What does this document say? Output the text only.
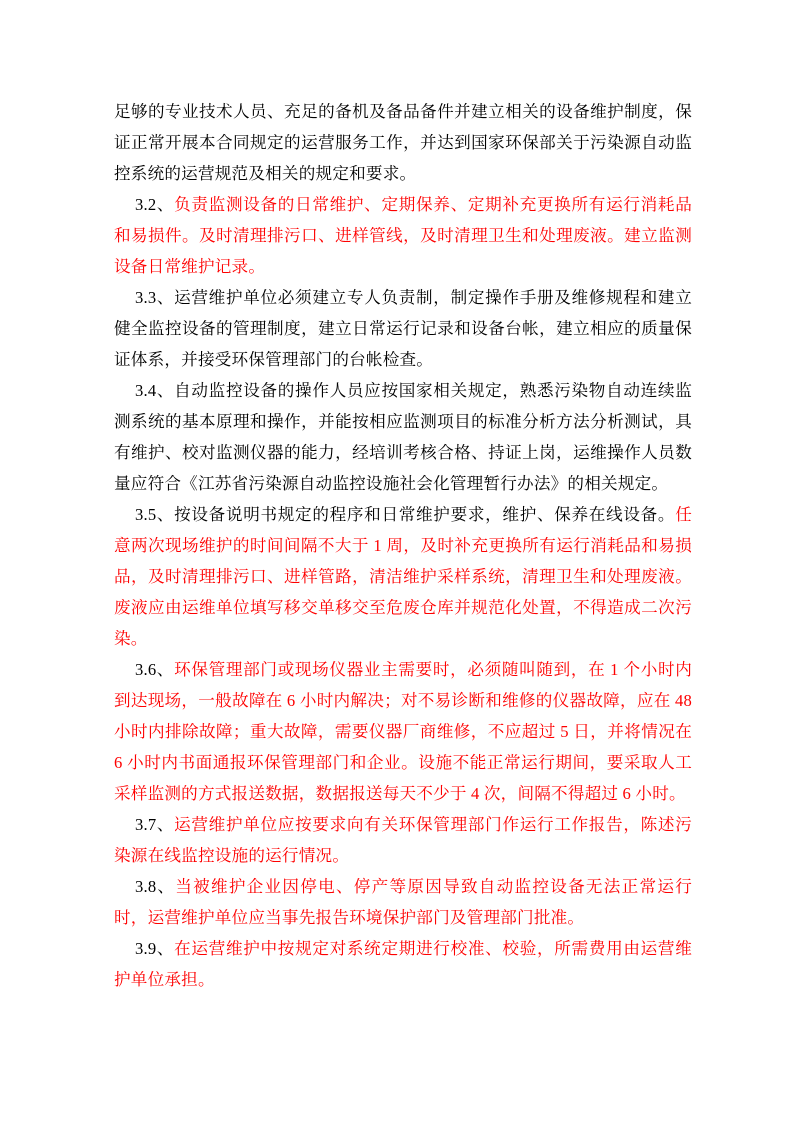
足够的专业技术人员、充足的备机及备品备件并建立相关的设备维护制度，保证正常开展本合同规定的运营服务工作，并达到国家环保部关于污染源自动监控系统的运营规范及相关的规定和要求。

3.2、负责监测设备的日常维护、定期保养、定期补充更换所有运行消耗品和易损件。及时清理排污口、进样管线，及时清理卫生和处理废液。建立监测设备日常维护记录。

3.3、运营维护单位必须建立专人负责制，制定操作手册及维修规程和建立健全监控设备的管理制度，建立日常运行记录和设备台帐，建立相应的质量保证体系，并接受环保管理部门的台帐检查。

3.4、自动监控设备的操作人员应按国家相关规定，熟悉污染物自动连续监测系统的基本原理和操作，并能按相应监测项目的标准分析方法分析测试，具有维护、校对监测仪器的能力，经培训考核合格、持证上岗，运维操作人员数量应符合《江苏省污染源自动监控设施社会化管理暂行办法》的相关规定。

3.5、按设备说明书规定的程序和日常维护要求，维护、保养在线设备。任意两次现场维护的时间间隔不大于 1 周，及时补充更换所有运行消耗品和易损品，及时清理排污口、进样管路，清洁维护采样系统，清理卫生和处理废液。废液应由运维单位填写移交单移交至危废仓库并规范化处置，不得造成二次污染。

3.6、环保管理部门或现场仪器业主需要时，必须随叫随到，在 1 个小时内到达现场，一般故障在 6 小时内解决；对不易诊断和维修的仪器故障，应在 48 小时内排除故障；重大故障，需要仪器厂商维修，不应超过 5 日，并将情况在 6 小时内书面通报环保管理部门和企业。设施不能正常运行期间，要采取人工采样监测的方式报送数据，数据报送每天不少于 4 次，间隔不得超过 6 小时。

3.7、运营维护单位应按要求向有关环保管理部门作运行工作报告，陈述污染源在线监控设施的运行情况。

3.8、当被维护企业因停电、停产等原因导致自动监控设备无法正常运行时，运营维护单位应当事先报告环境保护部门及管理部门批准。

3.9、在运营维护中按规定对系统定期进行校准、校验，所需费用由运营维护单位承担。
